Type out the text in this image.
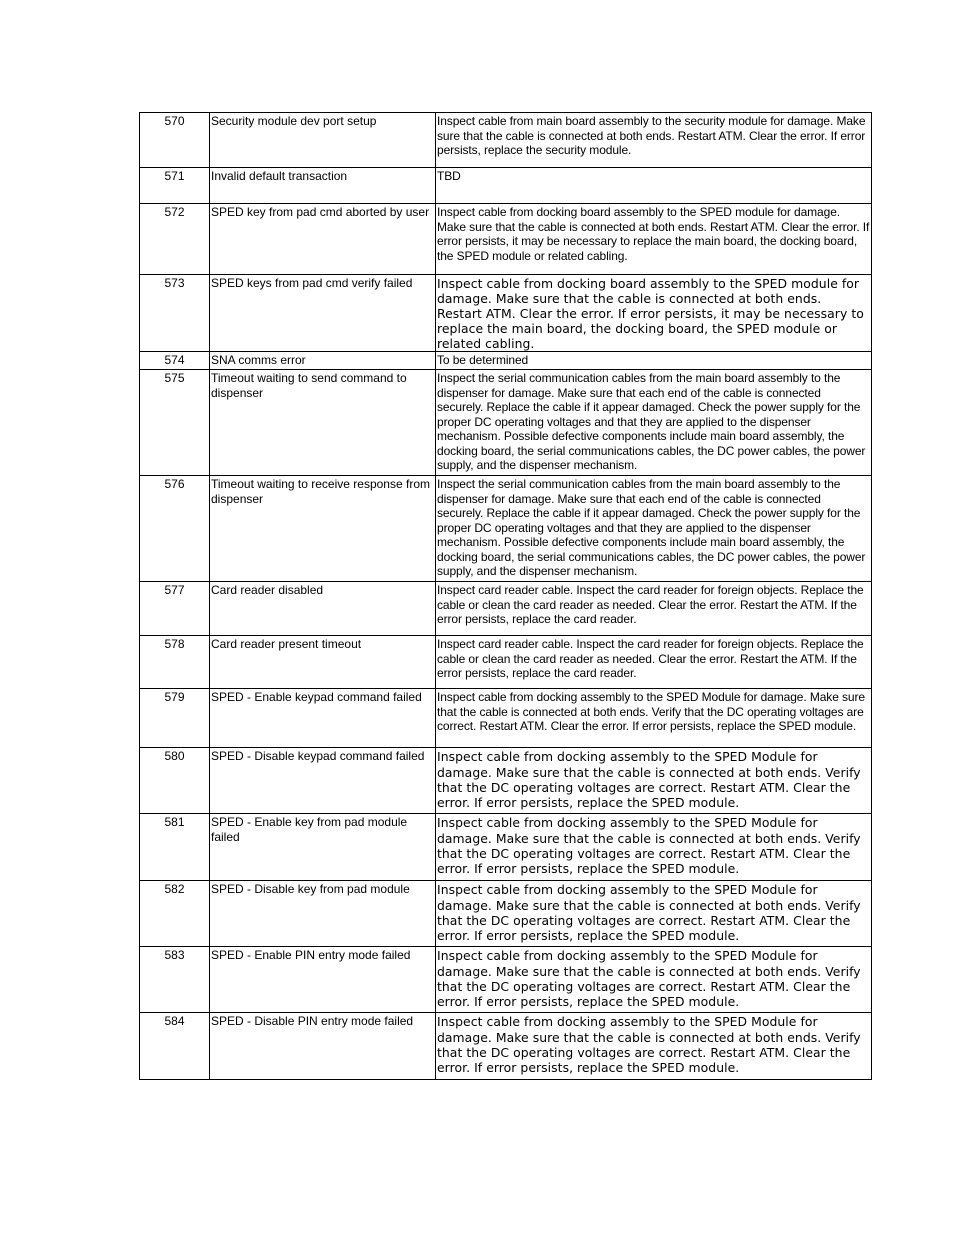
570	Security module dev port setup	Inspect cable from main board assembly to the security module for damage. Make sure that the cable is connected at both ends. Restart ATM. Clear the error. If error persists, replace the security module.
571	Invalid default transaction	TBD
572	SPED key from pad cmd aborted by user	Inspect cable from docking board assembly to the SPED module for damage. Make sure that the cable is connected at both ends. Restart ATM. Clear the error. If error persists, it may be necessary to replace the main board, the docking board, the SPED module or related cabling.
573	SPED keys from pad cmd verify failed	Inspect cable from docking board assembly to the SPED module for damage. Make sure that the cable is connected at both ends. Restart ATM. Clear the error. If error persists, it may be necessary to replace the main board, the docking board, the SPED module or related cabling.
574	SNA comms error	To be determined
575	Timeout waiting to send command to dispenser	Inspect the serial communication cables from the main board assembly to the dispenser for damage. Make sure that each end of the cable is connected securely. Replace the cable if it appear damaged. Check the power supply for the proper DC operating voltages and that they are applied to the dispenser mechanism. Possible defective components include main board assembly, the docking board, the serial communications cables, the DC power cables, the power supply, and the dispenser mechanism.
576	Timeout waiting to receive response from dispenser	Inspect the serial communication cables from the main board assembly to the dispenser for damage. Make sure that each end of the cable is connected securely. Replace the cable if it appear damaged. Check the power supply for the proper DC operating voltages and that they are applied to the dispenser mechanism. Possible defective components include main board assembly, the docking board, the serial communications cables, the DC power cables, the power supply, and the dispenser mechanism.
577	Card reader disabled	Inspect card reader cable. Inspect the card reader for foreign objects. Replace the cable or clean the card reader as needed. Clear the error. Restart the ATM. If the error persists, replace the card reader.
578	Card reader present timeout	Inspect card reader cable. Inspect the card reader for foreign objects. Replace the cable or clean the card reader as needed. Clear the error. Restart the ATM. If the error persists, replace the card reader.
579	SPED - Enable keypad command failed	Inspect cable from docking assembly to the SPED Module for damage. Make sure that the cable is connected at both ends. Verify that the DC operating voltages are correct. Restart ATM. Clear the error. If error persists, replace the SPED module.
580	SPED - Disable keypad command failed	Inspect cable from docking assembly to the SPED Module for damage. Make sure that the cable is connected at both ends. Verify that the DC operating voltages are correct. Restart ATM. Clear the error. If error persists, replace the SPED module.
581	SPED - Enable key from pad module failed	Inspect cable from docking assembly to the SPED Module for damage. Make sure that the cable is connected at both ends. Verify that the DC operating voltages are correct. Restart ATM. Clear the error. If error persists, replace the SPED module.
582	SPED - Disable key from pad module	Inspect cable from docking assembly to the SPED Module for damage. Make sure that the cable is connected at both ends. Verify that the DC operating voltages are correct. Restart ATM. Clear the error. If error persists, replace the SPED module.
583	SPED - Enable PIN entry mode failed	Inspect cable from docking assembly to the SPED Module for damage. Make sure that the cable is connected at both ends. Verify that the DC operating voltages are correct. Restart ATM. Clear the error. If error persists, replace the SPED module.
584	SPED - Disable PIN entry mode failed	Inspect cable from docking assembly to the SPED Module for damage. Make sure that the cable is connected at both ends. Verify that the DC operating voltages are correct. Restart ATM. Clear the error. If error persists, replace the SPED module.
